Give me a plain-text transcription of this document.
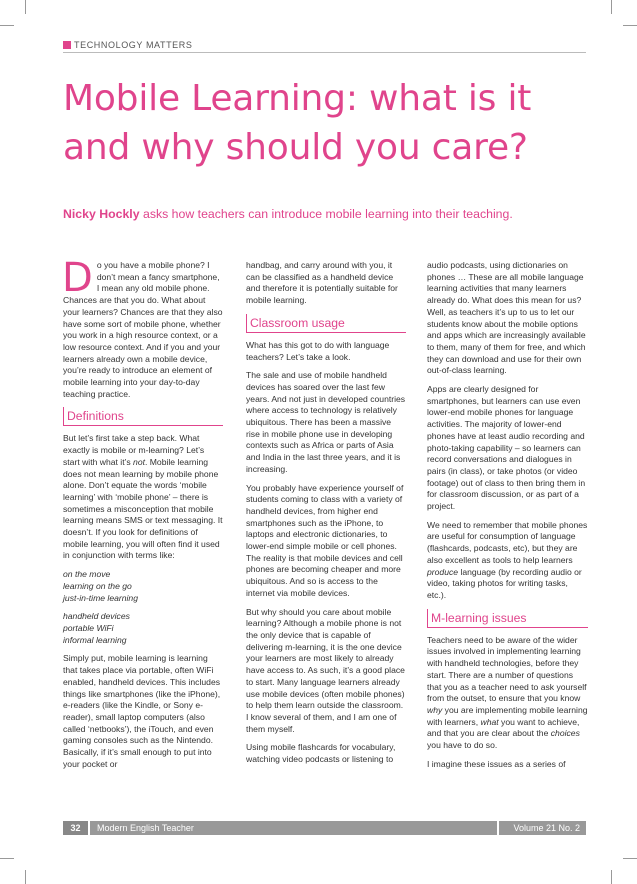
TECHNOLOGY MATTERS
Mobile Learning: what is it
and why should you care?
Nicky Hockly asks how teachers can introduce mobile learning into their teaching.

Do you have a mobile phone? I don’t mean a fancy smartphone, I mean any old mobile phone. Chances are that you do. What about your learners? Chances are that they also have some sort of mobile phone, whether you work in a high resource context, or a low resource context. And if you and your learners already own a mobile device, you’re ready to introduce an element of mobile learning into your day-to-day teaching practice.

Definitions

But let’s first take a step back. What exactly is mobile or m-learning? Let’s start with what it’s not. Mobile learning does not mean learning by mobile phone alone. Don’t equate the words ‘mobile learning’ with ‘mobile phone’ – there is sometimes a misconception that mobile learning means SMS or text messaging. It doesn’t. If you look for definitions of mobile learning, you will often find it used in conjunction with terms like:

on the move
learning on the go
just-in-time learning
handheld devices
portable WiFi
informal learning

Simply put, mobile learning is learning that takes place via portable, often WiFi enabled, handheld devices. This includes things like smartphones (like the iPhone), e-readers (like the Kindle, or Sony e-reader), small laptop computers (also called ‘netbooks’), the iTouch, and even gaming consoles such as the Nintendo. Basically, if it’s small enough to put into your pocket or

handbag, and carry around with you, it can be classified as a handheld device and therefore it is potentially suitable for mobile learning.

Classroom usage

What has this got to do with language teachers? Let’s take a look.

The sale and use of mobile handheld devices has soared over the last few years. And not just in developed countries where access to technology is relatively ubiquitous. There has been a massive rise in mobile phone use in developing contexts such as Africa or parts of Asia and India in the last three years, and it is increasing.

You probably have experience yourself of students coming to class with a variety of handheld devices, from higher end smartphones such as the iPhone, to laptops and electronic dictionaries, to lower-end simple mobile or cell phones. The reality is that mobile devices and cell phones are becoming cheaper and more ubiquitous. And so is access to the internet via mobile devices.

But why should you care about mobile learning? Although a mobile phone is not the only device that is capable of delivering m-learning, it is the one device your learners are most likely to already have access to. As such, it’s a good place to start. Many language learners already use mobile devices (often mobile phones) to help them learn outside the classroom. I know several of them, and I am one of them myself.

Using mobile flashcards for vocabulary, watching video podcasts or listening to

audio podcasts, using dictionaries on phones … These are all mobile language learning activities that many learners already do. What does this mean for us? Well, as teachers it’s up to us to let our students know about the mobile options and apps which are increasingly available to them, many of them for free, and which they can download and use for their own out-of-class learning.

Apps are clearly designed for smartphones, but learners can use even lower-end mobile phones for language activities. The majority of lower-end phones have at least audio recording and photo-taking capability – so learners can record conversations and dialogues in pairs (in class), or take photos (or video footage) out of class to then bring them in for classroom discussion, or as part of a project.

We need to remember that mobile phones are useful for consumption of language (flashcards, podcasts, etc), but they are also excellent as tools to help learners produce language (by recording audio or video, taking photos for writing tasks, etc.).

M-learning issues

Teachers need to be aware of the wider issues involved in implementing learning with handheld technologies, before they start. There are a number of questions that you as a teacher need to ask yourself from the outset, to ensure that you know why you are implementing mobile learning with learners, what you want to achieve, and that you are clear about the choices you have to do so.

I imagine these issues as a series of

32	Modern English Teacher	Volume 21 No. 2
